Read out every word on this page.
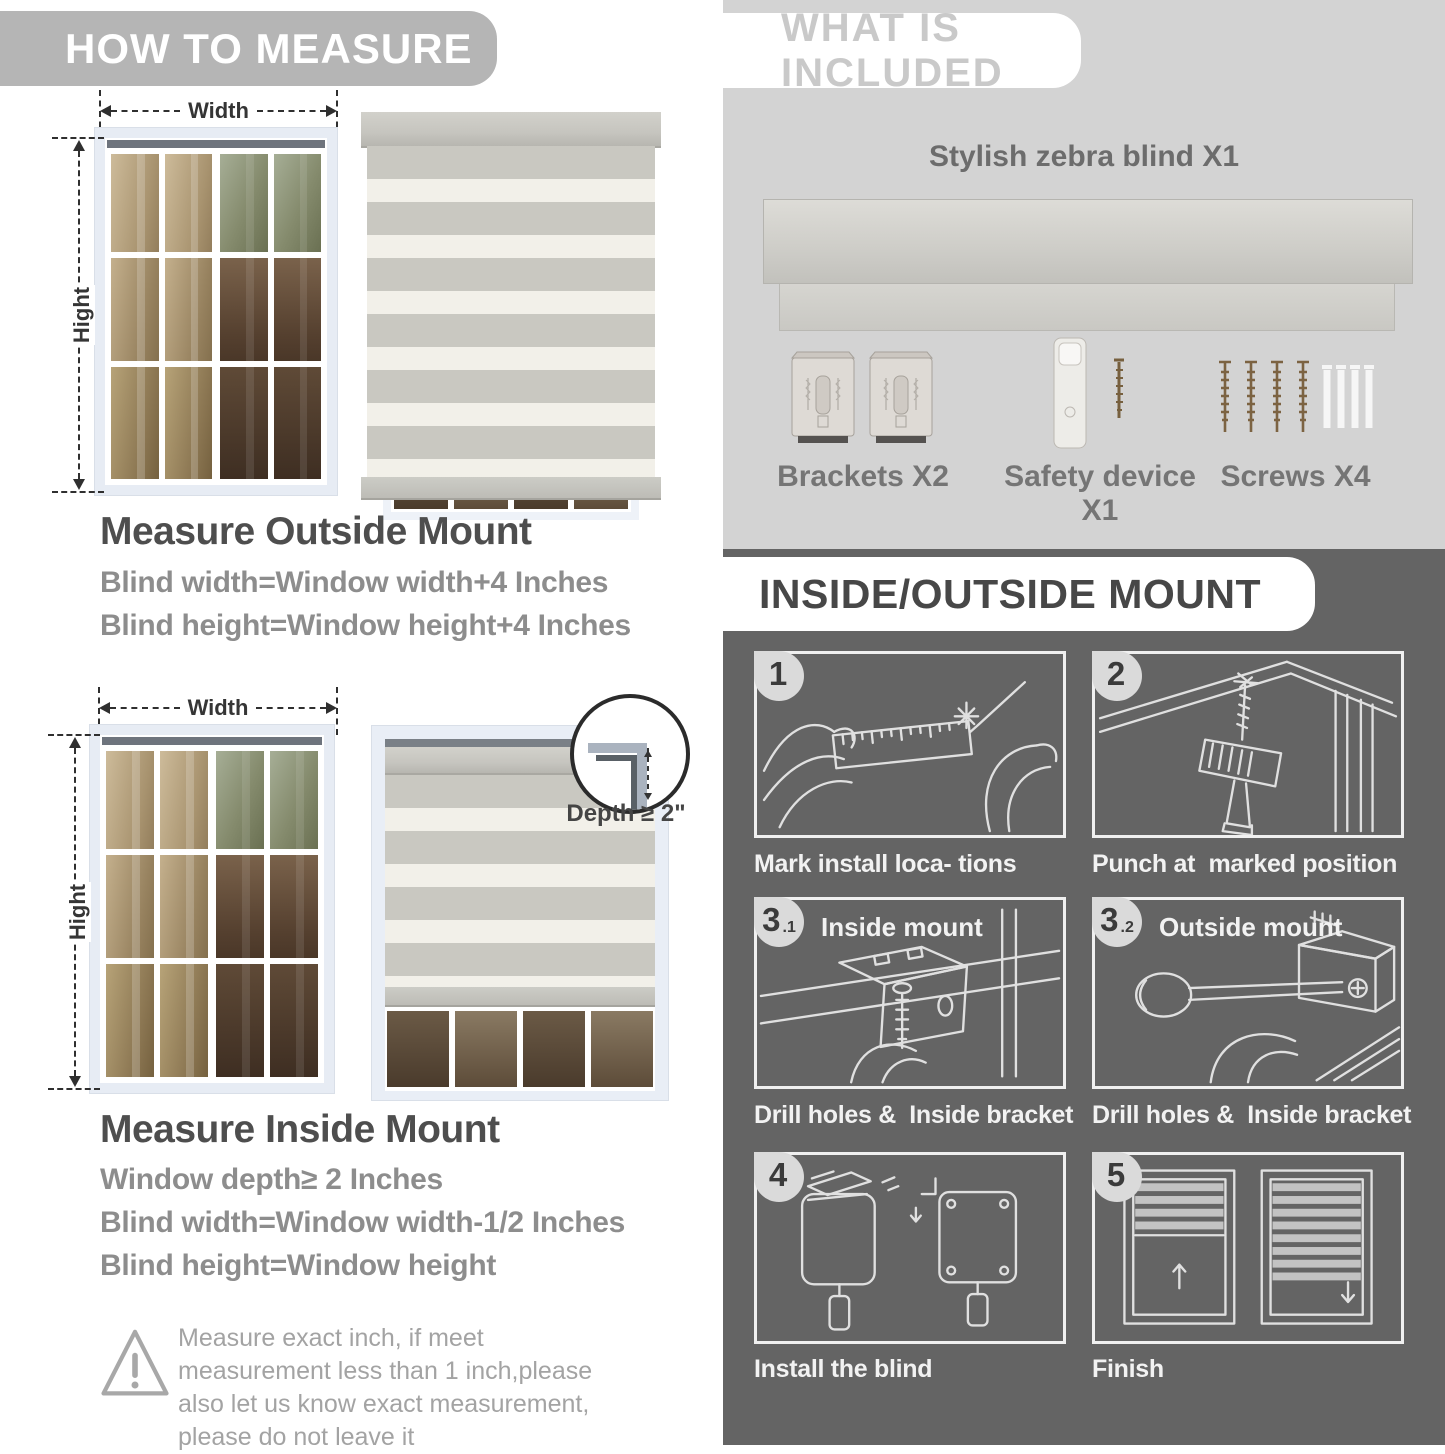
HOW TO MEASURE
Width
Hight
Measure Outside Mount
Blind width=Window width+4 Inches
Blind height=Window height+4 Inches
Width
Hight
Depth ≥ 2"
Measure Inside Mount
Window depth≥ 2 Inches
Blind width=Window width-1/2 Inches
Blind height=Window height
Measure exact inch, if meet measurement less than 1 inch,please also let us know exact measurement, please do not leave it
WHAT IS INCLUDED
Stylish zebra blind X1
Brackets X2	Safety device X1
Screws X4
INSIDE/OUTSIDE MOUNT
1
Mark install loca- tions
2
Punch at  marked position
3 .1 Inside mount
Drill holes &  Inside bracket
3 .2 Outside mount
Drill holes &  Inside bracket
4
Install the blind
5
Finish
